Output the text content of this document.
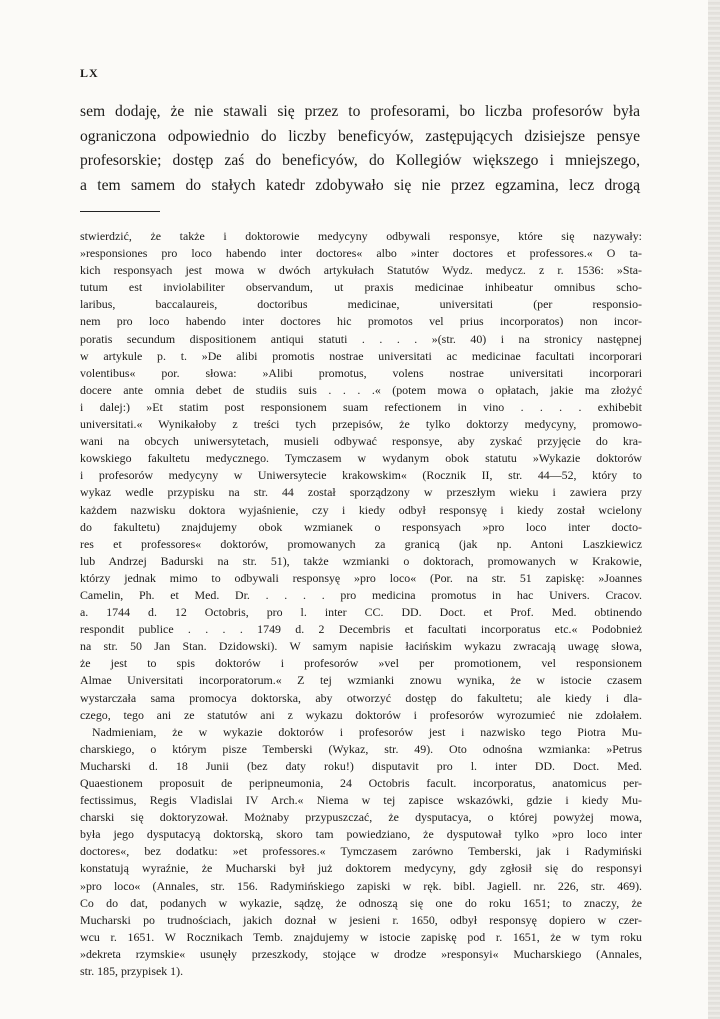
LX
sem dodaję, że nie stawali się przez to profesorami, bo liczba profesorów była
ograniczona odpowiednio do liczby beneficyów, zastępujących dzisiejsze pensye
profesorskie; dostęp zaś do beneficyów, do Kollegiów większego i mniejszego,
a tem samem do stałych katedr zdobywało się nie przez egzamina, lecz drogą
stwierdzić, że także i doktorowie medycyny odbywali responsye, które się nazywały:
»responsiones pro loco habendo inter doctores« albo »inter doctores et professores.« O ta-
kich responsyach jest mowa w dwóch artykułach Statutów Wydz. medycz. z r. 1536: »Sta-
tutum est inviolabiliter observandum, ut praxis medicinae inhibeatur omnibus scho-
laribus, baccalaureis, doctoribus medicinae, universitati (per responsio-
nem pro loco habendo inter doctores hic promotos vel prius incorporatos) non incor-
poratis secundum dispositionem antiqui statuti . . . . »(str. 40) i na stronicy następnej
w artykule p. t. »De alibi promotis nostrae universitati ac medicinae facultati incorporari
volentibus« por. słowa: »Alibi promotus, volens nostrae universitati incorporari
docere ante omnia debet de studiis suis . . . .« (potem mowa o opłatach, jakie ma złożyć
i dalej:) »Et statim post responsionem suam refectionem in vino . . . . exhibebit
universitati.« Wynikałoby z treści tych przepisów, że tylko doktorzy medycyny, promowo-
wani na obcych uniwersytetach, musieli odbywać responsye, aby zyskać przyjęcie do kra-
kowskiego fakultetu medycznego. Tymczasem w wydanym obok statutu »Wykazie doktorów
i profesorów medycyny w Uniwersytecie krakowskim« (Rocznik II, str. 44—52, który to
wykaz wedle przypisku na str. 44 został sporządzony w przeszłym wieku i zawiera przy
każdem nazwisku doktora wyjaśnienie, czy i kiedy odbył responsyę i kiedy został wcielony
do fakultetu) znajdujemy obok wzmianek o responsyach »pro loco inter docto-
res et professores« doktorów, promowanych za granicą (jak np. Antoni Laszkiewicz
lub Andrzej Badurski na str. 51), także wzmianki o doktorach, promowanych w Krakowie,
którzy jednak mimo to odbywali responsyę »pro loco« (Por. na str. 51 zapiskę: »Joannes
Camelin, Ph. et Med. Dr. . . . . pro medicina promotus in hac Univers. Cracov.
a. 1744 d. 12 Octobris, pro l. inter CC. DD. Doct. et Prof. Med. obtinendo
respondit publice . . . . 1749 d. 2 Decembris et facultati incorporatus etc.« Podobnież
na str. 50 Jan Stan. Dzidowski). W samym napisie łacińskim wykazu zwracają uwagę słowa,
że jest to spis doktorów i profesorów »vel per promotionem, vel responsionem
Almae Universitati incorporatorum.« Z tej wzmianki znowu wynika, że w istocie czasem
wystarczała sama promocya doktorska, aby otworzyć dostęp do fakultetu; ale kiedy i dla-
czego, tego ani ze statutów ani z wykazu doktorów i profesorów wyrozumieć nie zdołałem.
Nadmieniam, że w wykazie doktorów i profesorów jest i nazwisko tego Piotra Mu-
charskiego, o którym pisze Temberski (Wykaz, str. 49). Oto odnośna wzmianka: »Petrus
Mucharski d. 18 Junii (bez daty roku!) disputavit pro l. inter DD. Doct. Med.
Quaestionem proposuit de peripneumonia, 24 Octobris facult. incorporatus, anatomicus per-
fectissimus, Regis Vladislai IV Arch.« Niema w tej zapisce wskazówki, gdzie i kiedy Mu-
charski się doktoryzował. Możnaby przypuszczać, że dysputacya, o której powyżej mowa,
była jego dysputacyą doktorską, skoro tam powiedziano, że dysputował tylko »pro loco inter
doctores«, bez dodatku: »et professores.« Tymczasem zarówno Temberski, jak i Radymiński
konstatują wyraźnie, że Mucharski był już doktorem medycyny, gdy zgłosił się do responsyi
»pro loco« (Annales, str. 156. Radymińskiego zapiski w ręk. bibl. Jagiell. nr. 226, str. 469).
Co do dat, podanych w wykazie, sądzę, że odnoszą się one do roku 1651; to znaczy, że
Mucharski po trudnościach, jakich doznał w jesieni r. 1650, odbył responsyę dopiero w czer-
wcu r. 1651. W Rocznikach Temb. znajdujemy w istocie zapiskę pod r. 1651, że w tym roku
»dekreta rzymskie« usunęły przeszkody, stojące w drodze »responsyi« Mucharskiego (Annales,
str. 185, przypisek 1).
